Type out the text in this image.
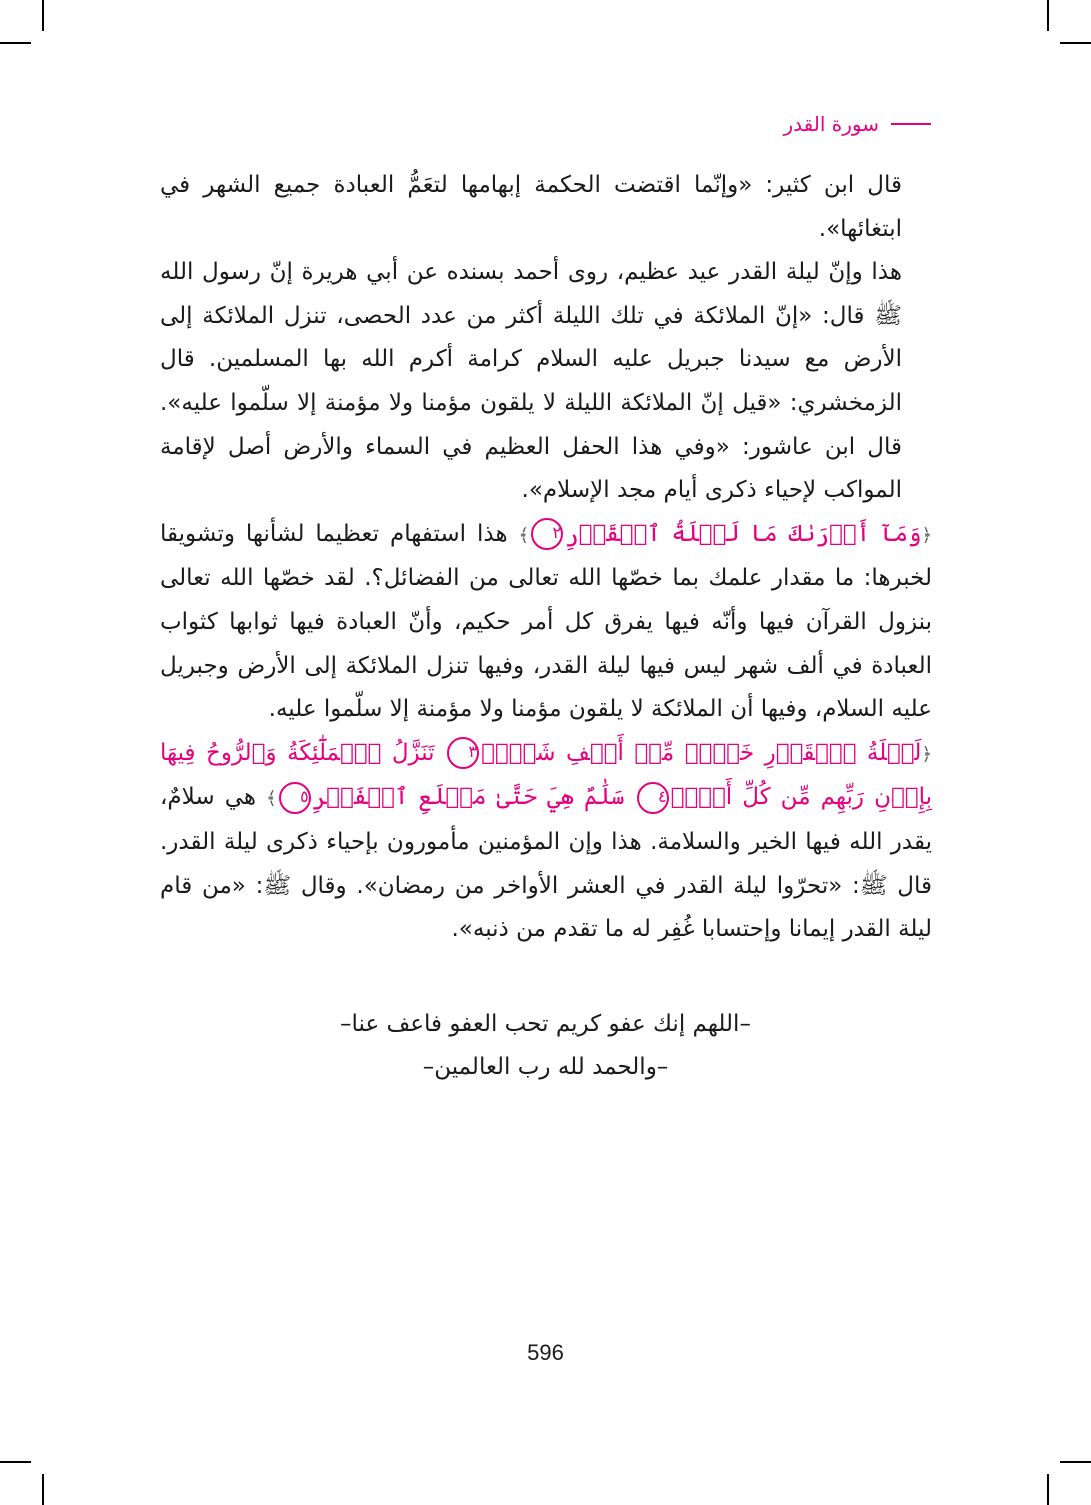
سورة القدر

قال ابن كثير: «وإنّما اقتضت الحكمة إبهامها لتعَمُّ العبادة جميع الشهر في ابتغائها».

هذا وإنّ ليلة القدر عيد عظيم، روى أحمد بسنده عن أبي هريرة إنّ رسول الله ﷺ قال: «إنّ الملائكة في تلك الليلة أكثر من عدد الحصى، تنزل الملائكة إلى الأرض مع سيدنا جبريل عليه السلام كرامة أكرم الله بها المسلمين. قال الزمخشري: «قيل إنّ الملائكة الليلة لا يلقون مؤمنا ولا مؤمنة إلا سلّموا عليه». قال ابن عاشور: «وفي هذا الحفل العظيم في السماء والأرض أصل لإقامة المواكب لإحياء ذكرى أيام مجد الإسلام».

﴿وَمَآ أَدۡرَىٰكَ مَا لَيۡلَةُ ٱلۡقَدۡرِ٢﴾ هذا استفهام تعظيما لشأنها وتشويقا لخبرها: ما مقدار علمك بما خصّها الله تعالى من الفضائل؟. لقد خصّها الله تعالى بنزول القرآن فيها وأنّه فيها يفرق كل أمر حكيم، وأنّ العبادة فيها ثوابها كثواب العبادة في ألف شهر ليس فيها ليلة القدر، وفيها تنزل الملائكة إلى الأرض وجبريل عليه السلام، وفيها أن الملائكة لا يلقون مؤمنا ولا مؤمنة إلا سلّموا عليه.

﴿لَيۡلَةُ ٱلۡقَدۡرِ خَيۡرٞ مِّنۡ أَلۡفِ شَهۡرٖ٣ تَنَزَّلُ ٱلۡمَلَٰٓئِكَةُ وَٱلرُّوحُ فِيهَا بِإِذۡنِ رَبِّهِم مِّن كُلِّ أَمۡرٖ٤ سَلَٰمٌ هِيَ حَتَّىٰ مَطۡلَعِ ٱلۡفَجۡرِ٥﴾ هي سلامٌ، يقدر الله فيها الخير والسلامة. هذا وإن المؤمنين مأمورون بإحياء ذكرى ليلة القدر. قال ﷺ: «تحرّوا ليلة القدر في العشر الأواخر من رمضان». وقال ﷺ: «من قام ليلة القدر إيمانا وإحتسابا غُفِر له ما تقدم من ذنبه».

–اللهم إنك عفو كريم تحب العفو فاعف عنا–
–والحمد لله رب العالمين–
596
